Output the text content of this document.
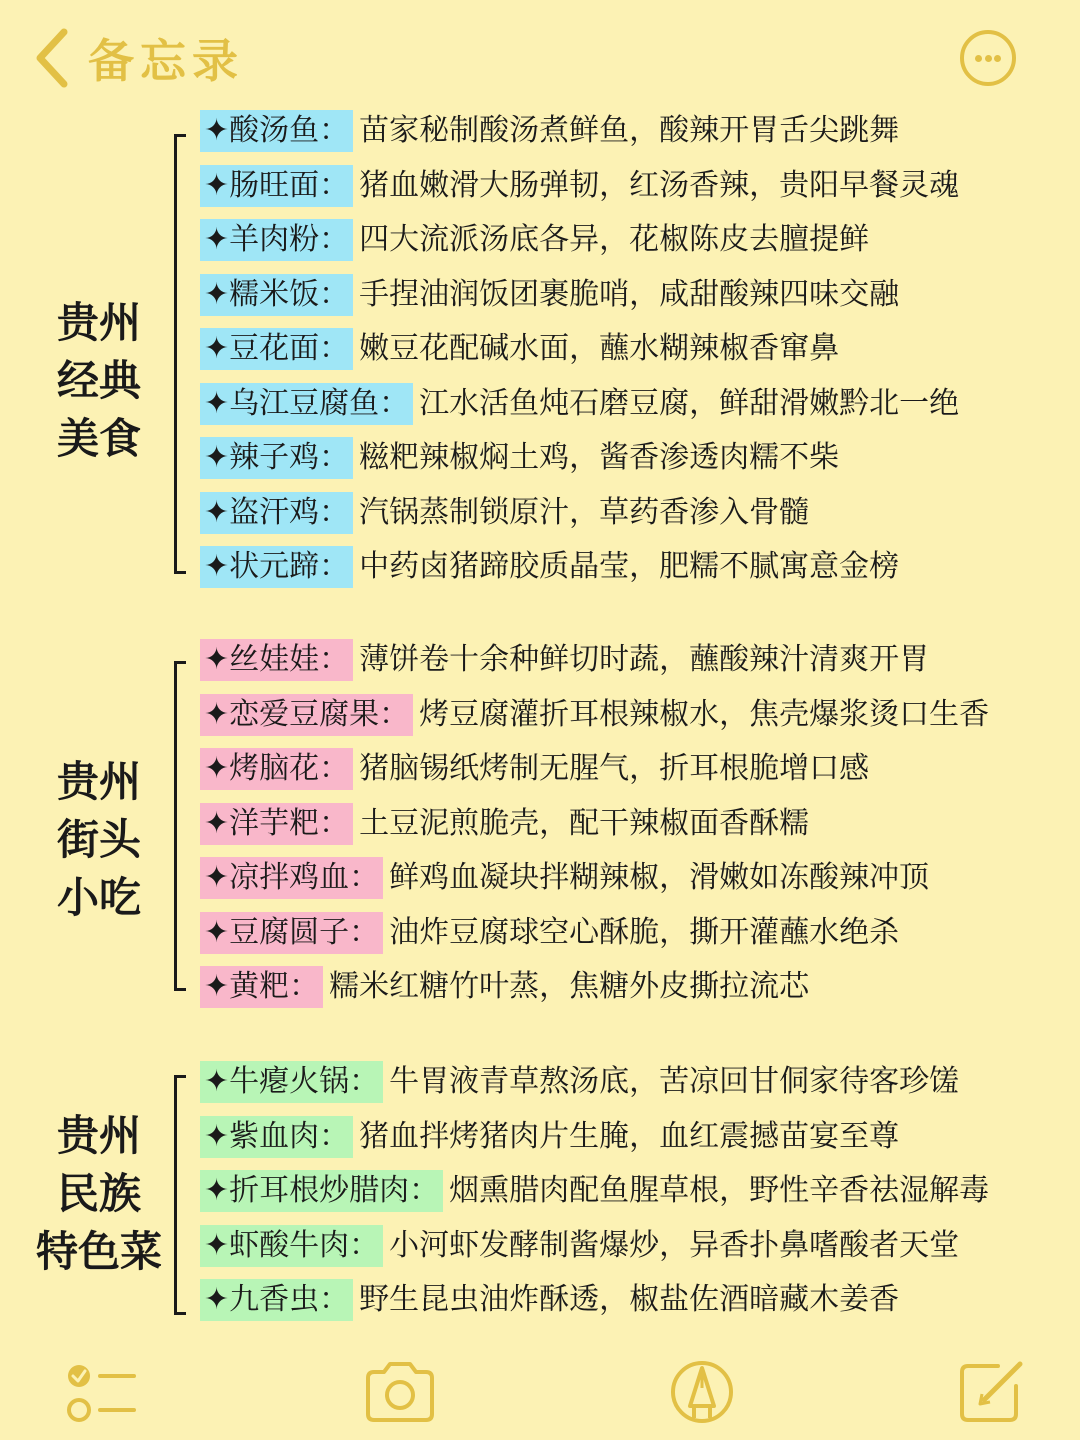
备忘录
贵州
经典
美食
✦酸汤鱼： 苗家秘制酸汤煮鲜鱼，酸辣开胃舌尖跳舞
✦肠旺面： 猪血嫩滑大肠弹韧，红汤香辣，贵阳早餐灵魂
✦羊肉粉： 四大流派汤底各异，花椒陈皮去膻提鲜
✦糯米饭： 手捏油润饭团裹脆哨，咸甜酸辣四味交融
✦豆花面： 嫩豆花配碱水面，蘸水糊辣椒香窜鼻
✦乌江豆腐鱼： 江水活鱼炖石磨豆腐，鲜甜滑嫩黔北一绝
✦辣子鸡： 糍粑辣椒焖土鸡，酱香渗透肉糯不柴
✦盗汗鸡： 汽锅蒸制锁原汁，草药香渗入骨髓
✦状元蹄： 中药卤猪蹄胶质晶莹，肥糯不腻寓意金榜
贵州
街头
小吃
✦丝娃娃： 薄饼卷十余种鲜切时蔬，蘸酸辣汁清爽开胃
✦恋爱豆腐果： 烤豆腐灌折耳根辣椒水，焦壳爆浆烫口生香
✦烤脑花： 猪脑锡纸烤制无腥气，折耳根脆增口感
✦洋芋粑： 土豆泥煎脆壳，配干辣椒面香酥糯
✦凉拌鸡血： 鲜鸡血凝块拌糊辣椒，滑嫩如冻酸辣冲顶
✦豆腐圆子： 油炸豆腐球空心酥脆，撕开灌蘸水绝杀
✦黄粑： 糯米红糖竹叶蒸，焦糖外皮撕拉流芯
贵州
民族
特色菜
✦牛瘪火锅： 牛胃液青草熬汤底，苦凉回甘侗家待客珍馐
✦紫血肉： 猪血拌烤猪肉片生腌，血红震撼苗宴至尊
✦折耳根炒腊肉： 烟熏腊肉配鱼腥草根，野性辛香祛湿解毒
✦虾酸牛肉： 小河虾发酵制酱爆炒，异香扑鼻嗜酸者天堂
✦九香虫： 野生昆虫油炸酥透，椒盐佐酒暗藏木姜香
